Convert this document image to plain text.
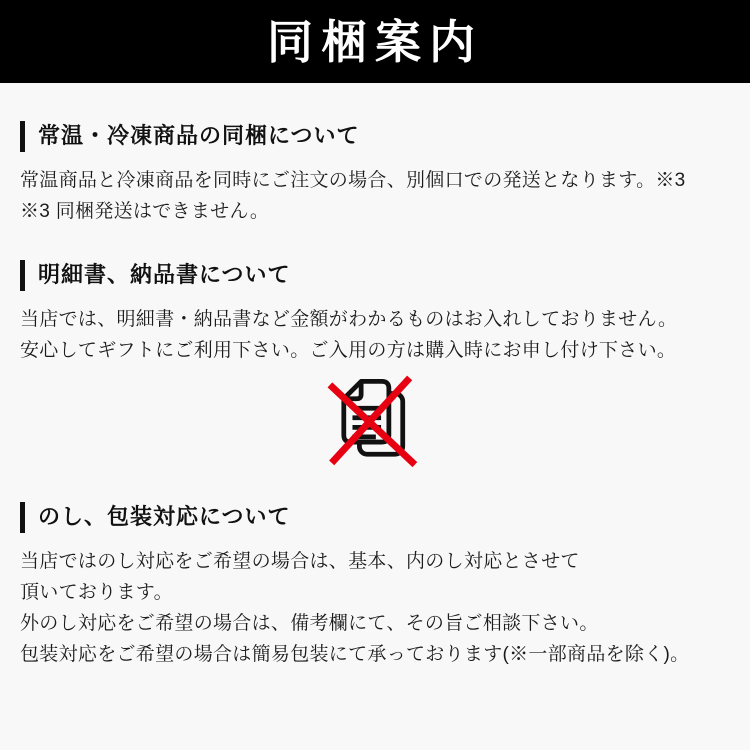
同梱案内
常温・冷凍商品の同梱について
常温商品と冷凍商品を同時にご注文の場合、別個口での発送となります。※3
※3 同梱発送はできません。
明細書、納品書について
当店では、明細書・納品書など金額がわかるものはお入れしておりません。
安心してギフトにご利用下さい。ご入用の方は購入時にお申し付け下さい。
のし、包装対応について
当店ではのし対応をご希望の場合は、基本、内のし対応とさせて
頂いております。
外のし対応をご希望の場合は、備考欄にて、その旨ご相談下さい。
包装対応をご希望の場合は簡易包装にて承っております(※一部商品を除く)。
